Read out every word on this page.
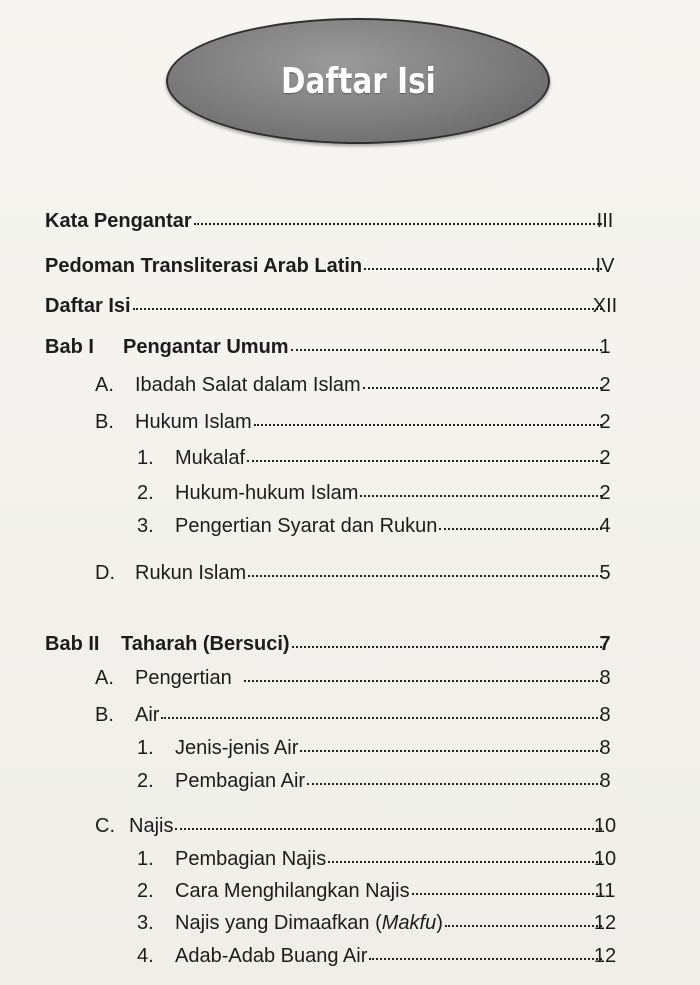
Daftar Isi
Kata Pengantar	III
Pedoman Transliterasi Arab Latin	IV
Daftar Isi	XII
Bab I	Pengantar Umum	1
A.	Ibadah Salat dalam Islam	2
B.	Hukum Islam	2
1.	Mukalaf	2
2.	Hukum-hukum Islam	2
3.	Pengertian Syarat dan Rukun	4
D.	Rukun Islam	5
Bab II	Taharah (Bersuci)	7
A.	Pengertian	8
B.	Air	8
1.	Jenis-jenis Air	8
2.	Pembagian Air	8
C. Najis	10
1.	Pembagian Najis	10
2.	Cara Menghilangkan Najis	11
3.	Najis yang Dimaafkan (Makfu)	12
4.	Adab-Adab Buang Air	12
